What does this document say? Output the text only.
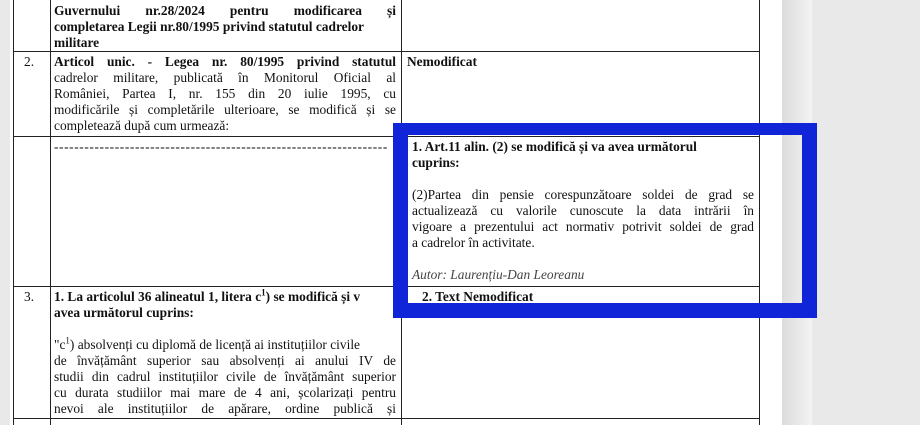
Guvernului nr.28/2024 pentru modificarea și
completarea Legii nr.80/1995 privind statutul cadrelor
militare
2. Articol unic. - Legea nr. 80/1995 privind statutul
cadrelor militare, publicată în Monitorul Oficial al
României, Partea I, nr. 155 din 20 iulie 1995, cu
modificările și completările ulterioare, se modifică și se
completează după cum urmează:
Nemodificat
------------------------------------------------------------------	1. Art.11 alin. (2) se modifică și va avea următorul
cuprins:
(2)Partea din pensie corespunzătoare soldei de grad se
actualizează cu valorile cunoscute la data intrării în
vigoare a prezentului act normativ potrivit soldei de grad
a cadrelor în activitate.
Autor: Laurențiu-Dan Leoreanu
3. 1. La articolul 36 alineatul 1, litera $c^1$) se modifică și v
avea următorul cuprins:
"$c^1$) absolvenți cu diplomă de licență ai instituțiilor civile
de învățământ superior sau absolvenți ai anului IV de
studii din cadrul instituțiilor civile de învățământ superior
cu durata studiilor mai mare de 4 ani, școlarizați pentru
nevoi ale instituțiilor de apărare, ordine publică și
2. Text Nemodificat
